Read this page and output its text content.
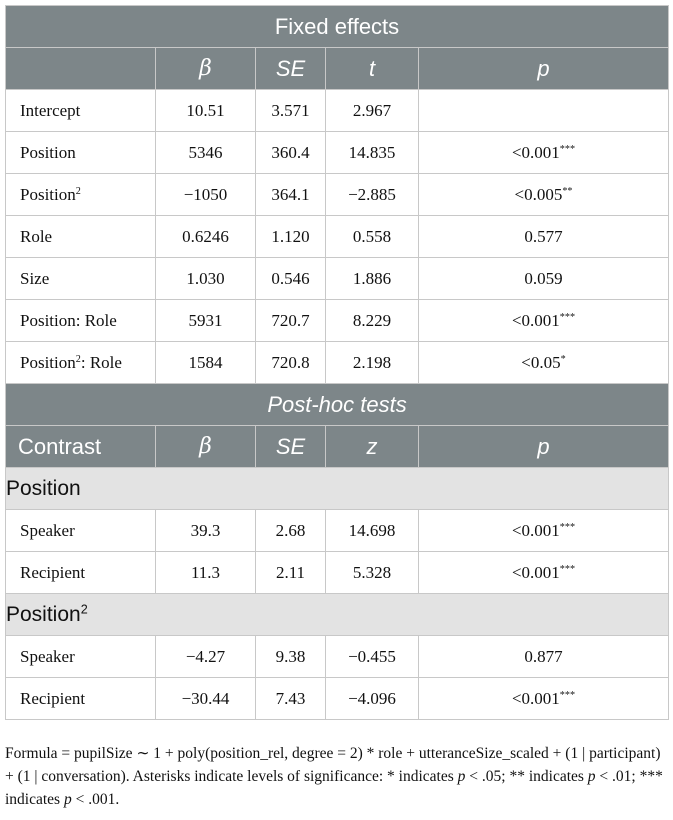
Fixed effects				
	β	SE	t	p
Intercept	10.51	3.571	2.967	
Position	5346	360.4	14.835	<0.001***
Position$^2$	−1050	364.1	−2.885	<0.005**
Role	0.6246	1.120	0.558	0.577
Size	1.030	0.546	1.886	0.059
Position: Role	5931	720.7	8.229	<0.001***
Position$^2$: Role	1584	720.8	2.198	<0.05*
Post-hoc tests				
Contrast	β	SE	z	p
Position				
Speaker	39.3	2.68	14.698	<0.001***
Recipient	11.3	2.11	5.328	<0.001***
Position$^2$
Speaker	−4.27	9.38	−0.455	0.877
Recipient	−30.44	7.43	−4.096	<0.001***

Formula = pupilSize ∼ 1 + poly(position_rel, degree = 2) * role + utteranceSize_scaled + (1 | participant) + (1 | conversation). Asterisks indicate levels of significance: * indicates p < .05; ** indicates p < .01; *** indicates p < .001.
